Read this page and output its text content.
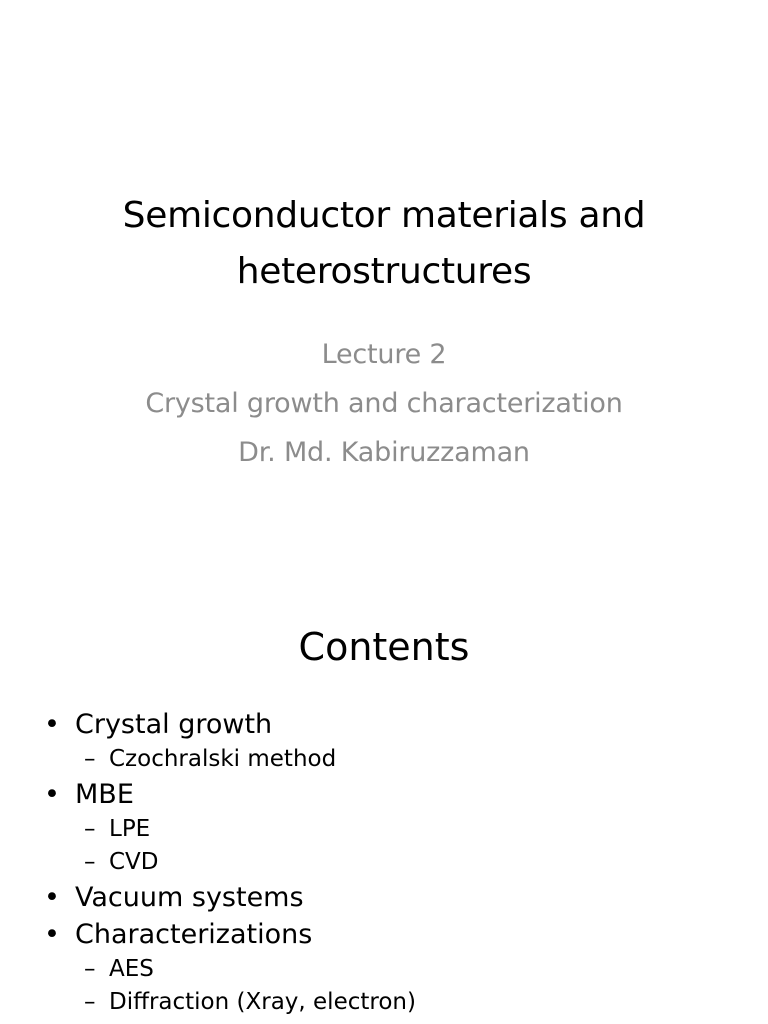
Semiconductor materials and
heterostructures
Lecture 2
Crystal growth and characterization
Dr. Md. Kabiruzzaman
Contents
• Crystal growth
– Czochralski method
• MBE
– LPE
– CVD
• Vacuum systems
• Characterizations
– AES
– Diffraction (Xray, electron)
